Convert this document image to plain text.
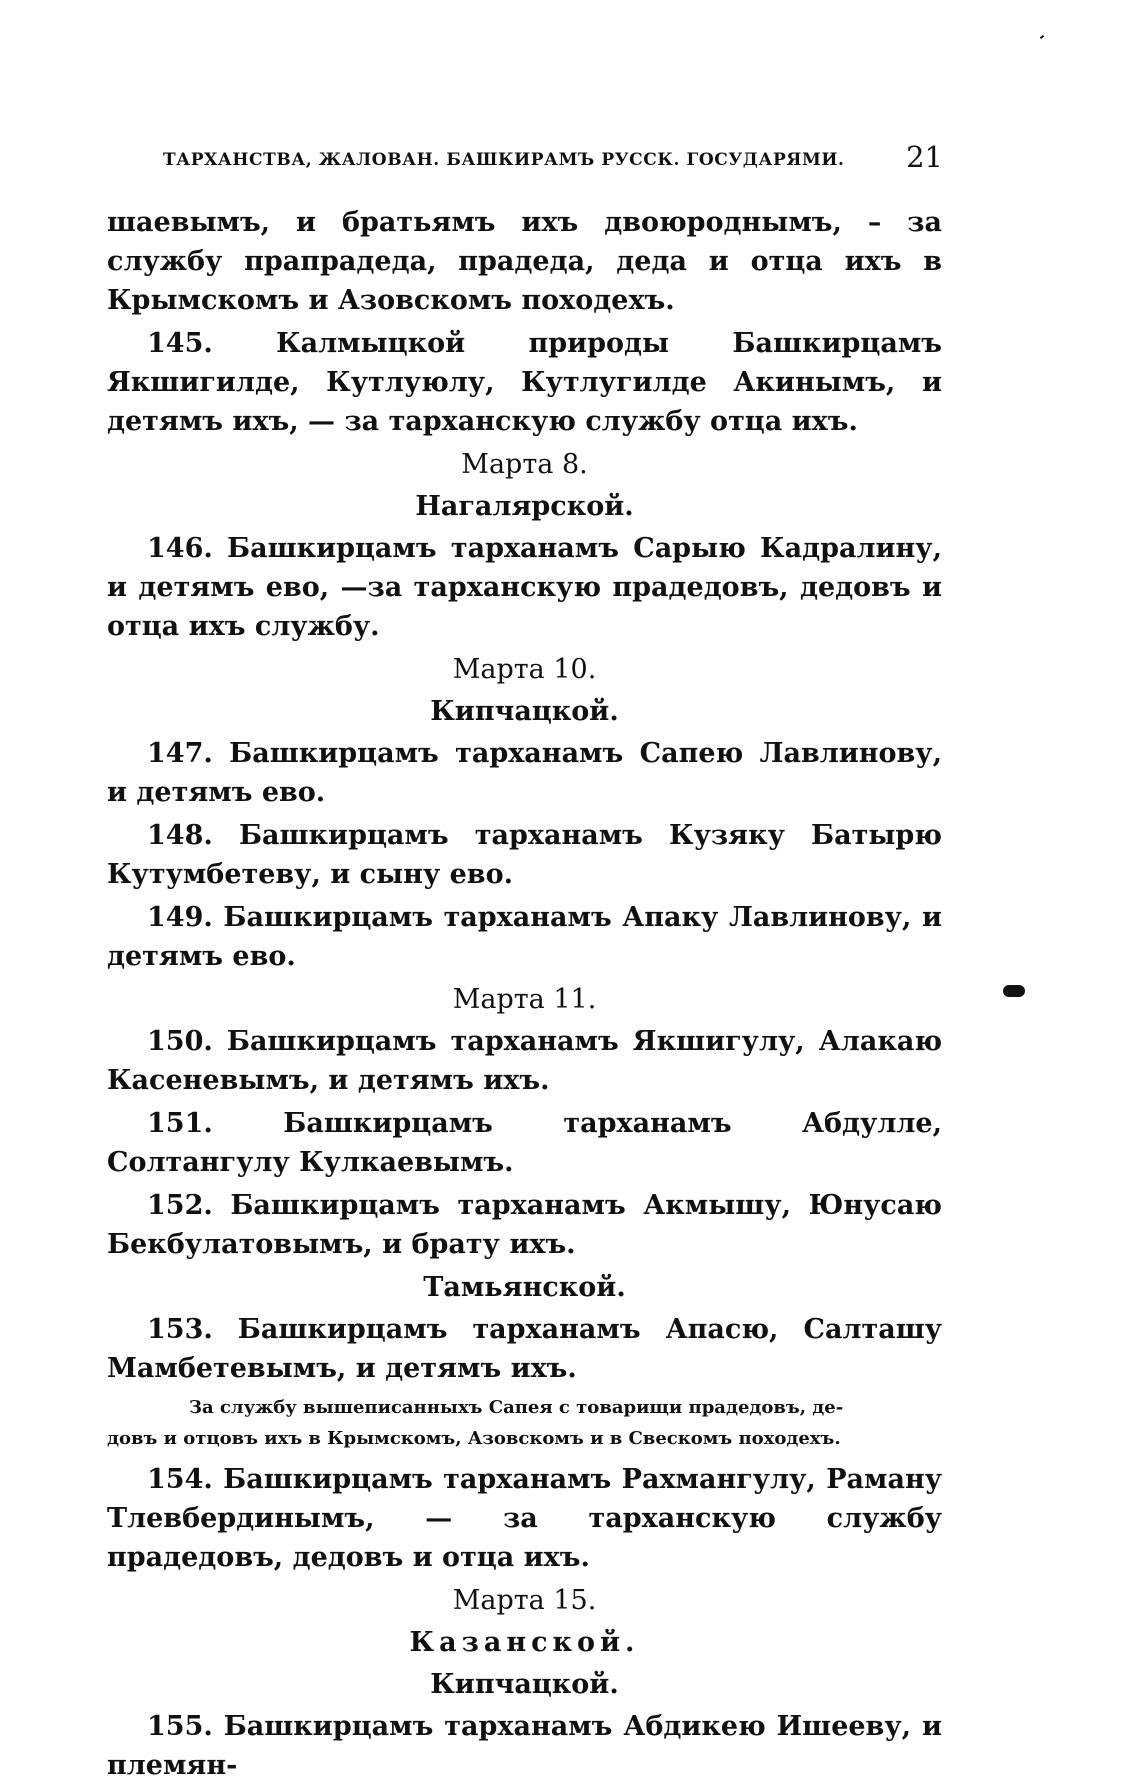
ТАРХАНСТВА, ЖАЛОВАН. БАШКИРАМЪ РУССК. ГОСУДАРЯМИ. 21

шаевымъ, и братьямъ ихъ двоюроднымъ, – за службу прапрадеда, прадеда, деда и отца ихъ в Крымскомъ и Азовскомъ походехъ.

145. Калмыцкой природы Башкирцамъ Якшигилде, Кутлуюлу, Кутлугилде Акинымъ, и детямъ ихъ, — за тарханскую службу отца ихъ.

Марта 8.
Нагалярской.

146. Башкирцамъ тарханамъ Сарыю Кадралину, и детямъ ево, —за тарханскую прадедовъ, дедовъ и отца ихъ службу.

Марта 10.
Кипчацкой.

147. Башкирцамъ тарханамъ Сапею Лавлинову, и детямъ ево.

148. Башкирцамъ тарханамъ Кузяку Батырю Кутумбетеву, и сыну ево.

149. Башкирцамъ тарханамъ Апаку Лавлинову, и детямъ ево.

Марта 11.

150. Башкирцамъ тарханамъ Якшигулу, Алакаю Касеневымъ, и детямъ ихъ.

151. Башкирцамъ тарханамъ Абдулле, Солтангулу Кулкаевымъ.

152. Башкирцамъ тарханамъ Акмышу, Юнусаю Бекбулатовымъ, и брату ихъ.

Тамьянской.

153. Башкирцамъ тарханамъ Апасю, Салташу Мамбетевымъ, и детямъ ихъ.

За службу вышеписанныхъ Сапея с товарищи прадедовъ, де-
довъ и отцовъ ихъ в Крымскомъ, Азовскомъ и в Свескомъ походехъ.

154. Башкирцамъ тарханамъ Рахмангулу, Раману Тлевбердинымъ, — за тарханскую службу прадедовъ, дедовъ и отца ихъ.

Марта 15.
Казанской.
Кипчацкой.

155. Башкирцамъ тарханамъ Абдикею Ишееву, и племян-
